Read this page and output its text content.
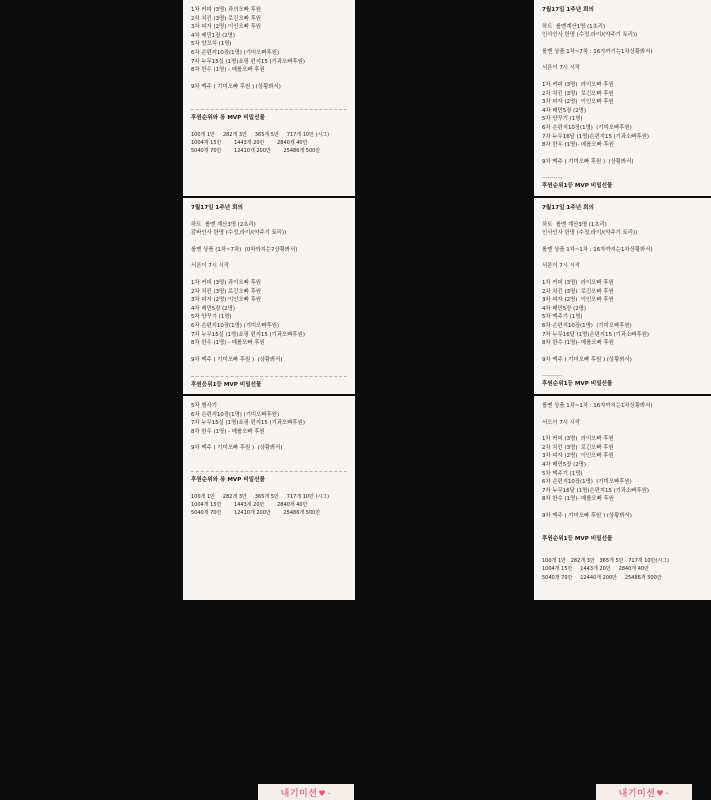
1차 커피 (3명) 과의오빠 후원
2차 치킨 (3명) 로긴오빠 후원
3차 피자 (2명) 이인오빠 후원
4차 배민1장 (2명)
5차 양꼬치 (1명)
6차 손편지10장(1명) (기미오빠후원)
7차 누무15실 (1명)쇼핑 편지15 (기과오빠후원)
8차 한우 (1명) - 메롤오빠 후원
9차 맥주 ( 기미오빠 후원 ) (상황봐서)
후원순위와 롱 MVP 비밀선물
100개 1만     282개 3만     365개 5만     717개 10만 (시그)
1004개 15만        1443개 20만        2840개 40만
5040개 70만        12410개 200만        25486개 500만
7월17일 1주년 회의
하트  롤멘계산1명 (1초리)
인사인사 한명 (수정,라이/(약주기 토리))
롤멘 상품 1차~7차 : 16가까기는1차상황봐서)
서론이 7시 시작
1차 커피 (3명)  라이오빠 후원
2차 치킨 (3명)  로긴오빠 후원
3차 피자 (2명)  이인오빠 후원
4차 배민5장 (2명)
5차 양꾸기 (1명)
6차 손편지10장(1명)  (기미오빠후원)
7차 누무16달 (1명)손편지15 (기과소빠후원)
8차 한우 (1명)- 메롤오빠 후원
9차 맥주 ( 기미오빠 후원 )  (상황봐서)
-----------
후원순위1등 MVP 비밀선물
7월17일 1주년 회의
하트  롤멘 계산3명 (2초리)
감바인사 한명 (수정,라이/(약주기 토리))
롤멘 상품 (1차~7차)  (0차까지는7상황봐서)
서론이 7시 시작
1차 커피 (3명) 과이오빠 후원
2차 치킨 (3명) 로긴오빠 후원
3차 피자 (2명) 이인오빠 후원
4차 배민5장 (2명)
5차 양꾸기 (1명)
6차 손편지10장(1명) (기미오빠후원)
7차 누무15실 (1명)쇼핑 편지15 (기과오빠후원)
8차 한우 (1명) - 메롤오빠 후원
9차 맥주 ( 기미오빠 후원 )  (상황봐서)
후원응위1등 MVP 비밀선물
7월17일 1주년 회의
하트  롤멘 계산3명 (1초리)
인사인사 한명 (수정,라이/(약주기 토리))
롤멘 상품 1차~1차 : 16자까지는1차상황봐서)
서론이 7시 시작
1차 커피 (3명)  라이오빠 후원
2차 치킨 (3명)  로긴오빠 후원
3차 피자 (2명)  이인오빠 후원
4차 배민5장 (2명)
5차 맥주기 (1명)
6차 손편지10장(1명)  (기미오빠후원)
7차 누무16달 (1명)손편지15 (기과소빠후원)
8차 한수 (1명)- 메롤오빠 후원
9차 맥주 ( 기미오빠 후원 ) (상황봐서)
-----------
후원순위1등 MVP 비밀선물
5차 행사기
6차 손편지10장(1명) (기미오빠후원)
7차 누무15실 (1명)쇼핑 편지15 (기과오빠후원)
8차 한우 (1명) - 메롤오빠 후원
9차 맥주 ( 기미오빠 후원 )  (상황봐서)
후원순위와 롱 MVP 비밀선물
100개 1만     282개 3만     365개 5만     717개 10만 (시그)
1004개 15만        1443개 20만        2840개 40만
5040개 70만        12410개 200만        25486개 500만
롤멘 상품 1차~1차 : 16자까지는1차상황봐서)
서으이 7시 시작
1차 커피 (3명)  라이오빠 후원
2차 치킨 (3명)  로긴오빠 후원
3차 피자 (2명)  이인오빠 후원
4차 배민5장 (2명)
5차 맥주기 (1명)
6차 손편지10장(1명)  (기미오빠후원)
7차 누무16달 (1명)손편지15 (기과소빠후원)
8차 한수 (1명)- 메롤오빠 후원
9차 맥주 ( 기미오빠 후원 ) (상황봐서)
후원순위1등 MVP 비밀선물
100개 1만   282개 3만   365개 5만   717개 10만(시그)
1004개 15만     1443개 20만     2840개 40만
5040개 70만     12440개 200만     25486개 500만
내기미션♥-	내기미션♥-
